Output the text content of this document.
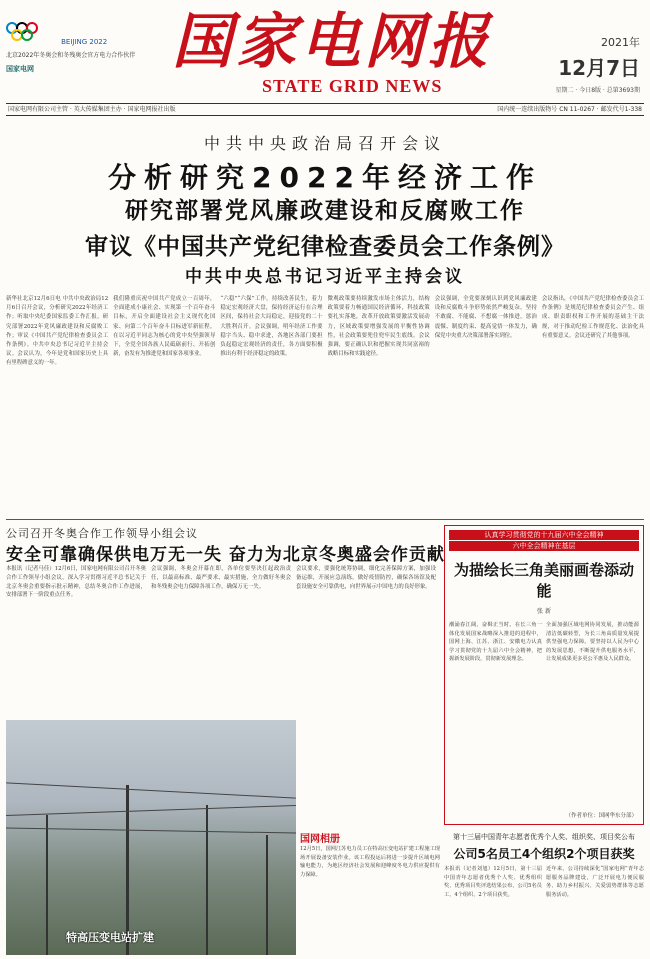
BEIJING 2022
北京2022年冬奥会和冬残奥会官方电力合作伙伴
国家电网	国家电网报
STATE GRID NEWS
2021年
12月7日
星期二 · 今日8版 · 总第3693期
国家电网有限公司主管 · 英大传媒集团主办 · 国家电网报社出版	国内统一连续出版物号 CN 11-0267 · 邮发代号1-338
中共中央政治局召开会议
分析研究2022年经济工作
研究部署党风廉政建设和反腐败工作
审议《中国共产党纪律检查委员会工作条例》
中共中央总书记习近平主持会议
新华社北京12月6日电 中共中央政治局12月6日召开会议，分析研究2022年经济工作；听取中央纪委国家监委工作汇报，研究部署2022年党风廉政建设和反腐败工作；审议《中国共产党纪律检查委员会工作条例》。中共中央总书记习近平主持会议。会议认为，今年是党和国家历史上具有里程碑意义的一年。
我们隆重庆祝中国共产党成立一百周年，全面建成小康社会、实现第一个百年奋斗目标，开启全面建设社会主义现代化国家、向第二个百年奋斗目标进军新征程。在以习近平同志为核心的党中央坚强领导下，全党全国各族人民砥砺前行、开拓创新，奋发有为推进党和国家各项事业。
“六稳”“六保”工作，持续改善民生，着力稳定宏观经济大盘，保持经济运行在合理区间，保持社会大局稳定，迎接党的二十大胜利召开。会议强调，明年经济工作要稳字当头、稳中求进，各地区各部门要担负起稳定宏观经济的责任，各方面要积极推出有利于经济稳定的政策。
微观政策要持续激发市场主体活力，结构政策要着力畅通国民经济循环，科技政策要扎实落地，改革开放政策要激活发展动力，区域政策要增强发展的平衡性协调性，社会政策要兜住兜牢民生底线。会议强调，要正确认识和把握实现共同富裕的战略目标和实践途径。
会议强调，全党要深刻认识到党风廉政建设和反腐败斗争形势依然严峻复杂，坚持不敢腐、不能腐、不想腐一体推进，惩治震慑、制度约束、提高觉悟一体发力，确保党中央重大决策部署落实到位。
会议指出，《中国共产党纪律检查委员会工作条例》是规范纪律检查委员会产生、组成、职责职权和工作开展的基础主干法规，对于推动纪检工作规范化、法治化具有重要意义。会议还研究了其他事项。
公司召开冬奥合作工作领导小组会议
安全可靠确保供电万无一失 奋力为北京冬奥盛会作贡献
本报讯（记者马佳）12月6日，国家电网有限公司召开冬奥合作工作领导小组会议，深入学习贯彻习近平总书记关于北京冬奥会重要指示批示精神，总结冬奥合作工作进展，安排部署下一阶段重点任务。
会议强调，冬奥会开幕在即，各单位要坚决扛起政治责任，以最高标准、最严要求、最实措施，全力做好冬奥会和冬残奥会电力保障各项工作，确保万无一失。
会议要求，要强化统筹协调，细化完善保障方案，加强设备运维，开展应急演练，做好疫情防控，确保各场馆及配套设施安全可靠供电，向世界展示中国电力的良好形象。
认真学习贯彻党的十九届六中全会精神
六中全会精神在基层
为描绘长三角美丽画卷添动能
张 新
潮涌春江阔，奋楫正当时。在长三角一体化发展国家战略深入推进的进程中，国网上海、江苏、浙江、安徽电力认真学习贯彻党的十九届六中全会精神，把握新发展阶段，贯彻新发展理念。
全面加强区域电网协同发展，推动能源清洁低碳转型，为长三角高质量发展提供坚强电力保障。要坚持以人民为中心的发展思想，不断提升供电服务水平，让发展成果更多更公平惠及人民群众。
（作者单位：国网华东分部）
特高压变电站扩建
国网相册
12月5日，国网江苏电力员工在特高压变电站扩建工程施工现场开展设备安装作业。该工程投运后将进一步提升区域电网输电能力，为地区经济社会发展和迎峰度冬电力供应提供有力保障。
第十三届中国青年志愿者优秀个人奖、组织奖、项目奖公布
公司5名员工4个组织2个项目获奖
本报讯（记者刘旭）12月5日，第十三届中国青年志愿者优秀个人奖、优秀组织奖、优秀项目奖评选结果公布，公司5名员工、4个组织、2个项目获奖。
近年来，公司持续深化“国家电网”青年志愿服务品牌建设，广泛开展电力便民服务、助力乡村振兴、关爱弱势群体等志愿服务活动。
